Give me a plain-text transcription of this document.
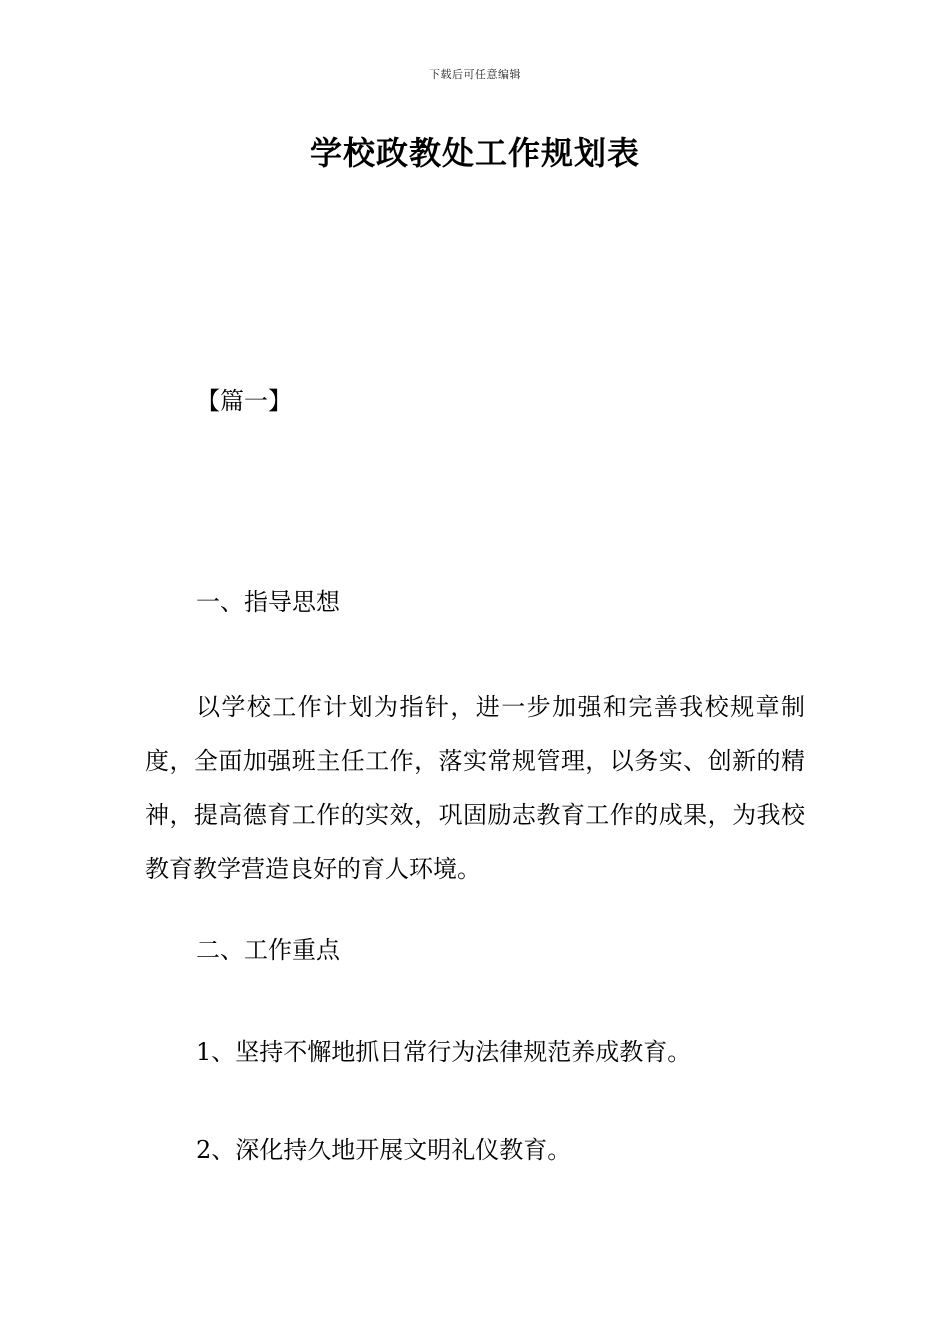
下载后可任意编辑
学校政教处工作规划表
【篇一】
一、指导思想
以学校工作计划为指针，进一步加强和完善我校规章制度，全面加强班主任工作，落实常规管理，以务实、创新的精神，提高德育工作的实效，巩固励志教育工作的成果，为我校教育教学营造良好的育人环境。
二、工作重点
1、坚持不懈地抓日常行为法律规范养成教育。
2、深化持久地开展文明礼仪教育。
